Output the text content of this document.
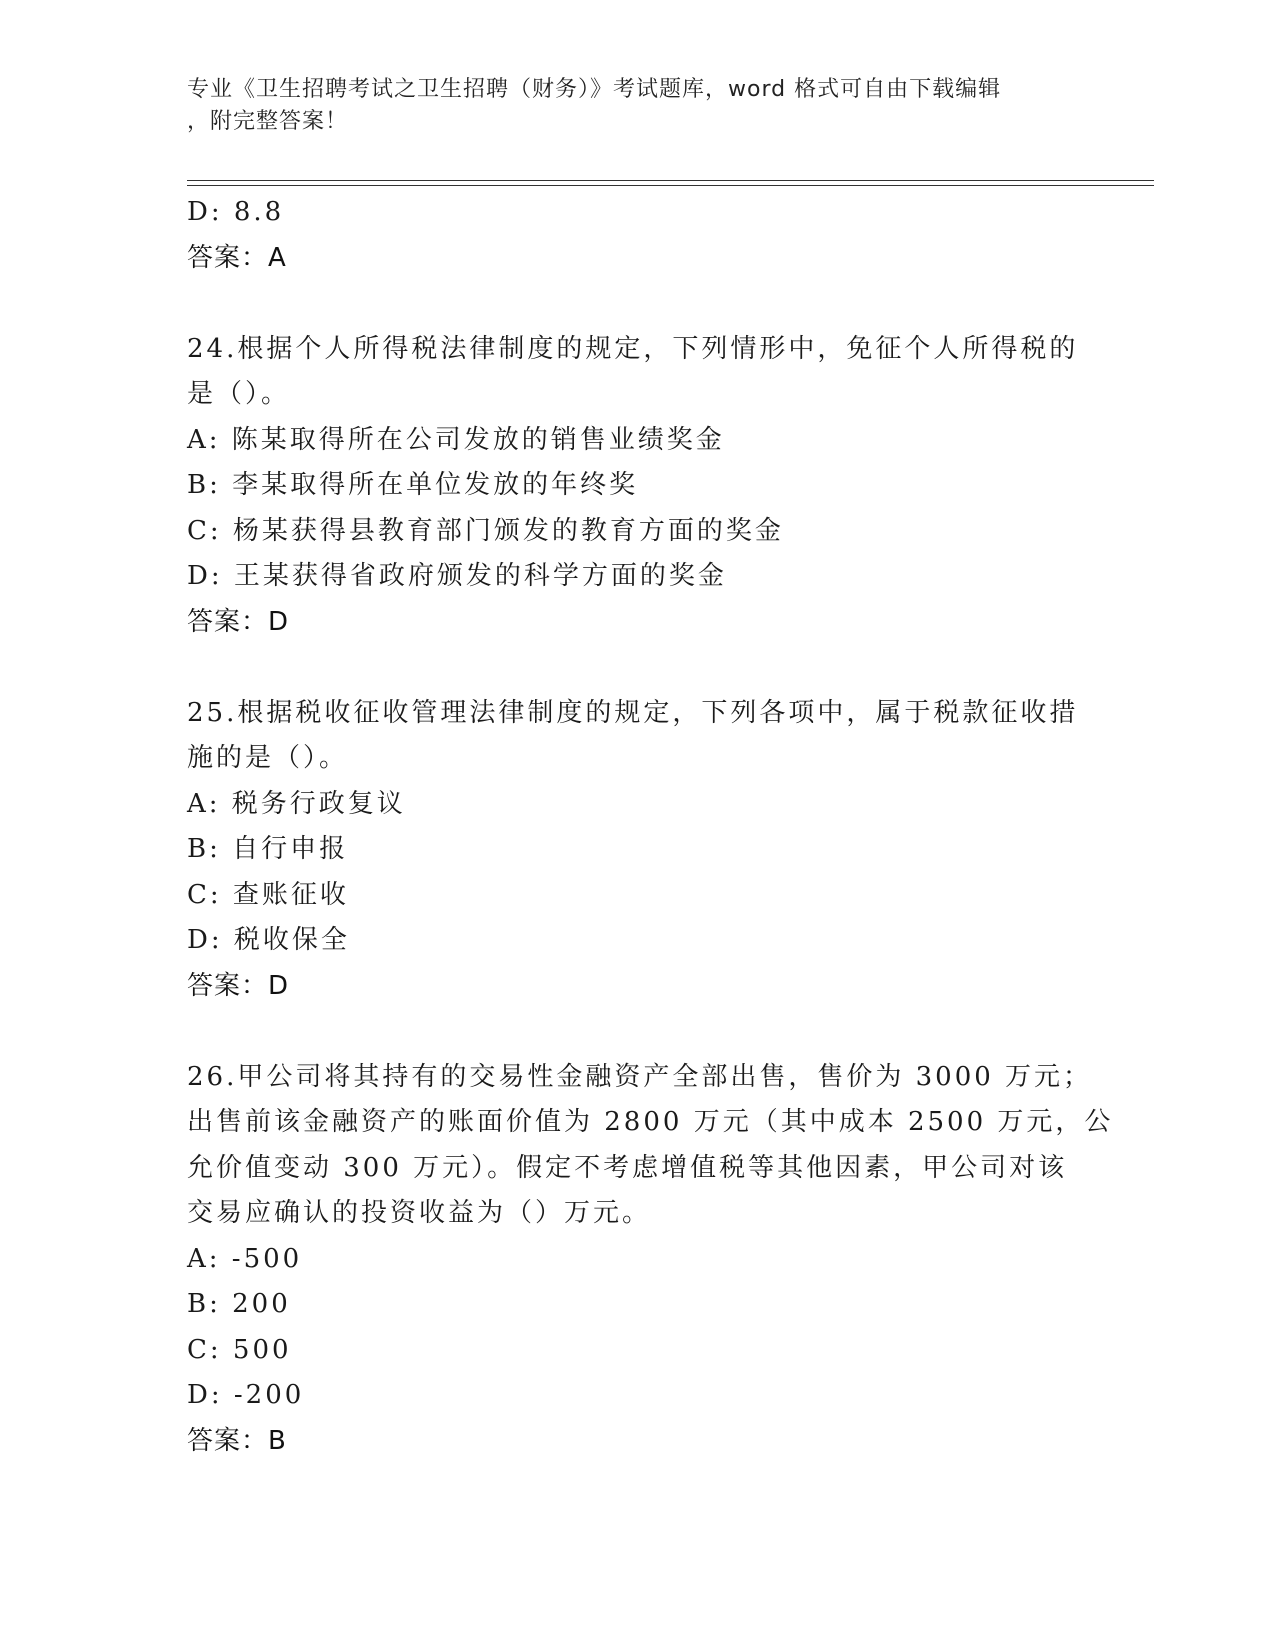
专业《卫生招聘考试之卫生招聘（财务）》考试题库，word 格式可自由下载编辑
，附完整答案！
D: 8.8
答案：A
24.根据个人所得税法律制度的规定，下列情形中，免征个人所得税的
是（）。
A: 陈某取得所在公司发放的销售业绩奖金
B: 李某取得所在单位发放的年终奖
C: 杨某获得县教育部门颁发的教育方面的奖金
D: 王某获得省政府颁发的科学方面的奖金
答案：D
25.根据税收征收管理法律制度的规定，下列各项中，属于税款征收措
施的是（）。
A: 税务行政复议
B: 自行申报
C: 查账征收
D: 税收保全
答案：D
26.甲公司将其持有的交易性金融资产全部出售，售价为 3000 万元；
出售前该金融资产的账面价值为 2800 万元（其中成本 2500 万元，公
允价值变动 300 万元）。假定不考虑增值税等其他因素，甲公司对该
交易应确认的投资收益为（）万元。
A: -500
B: 200
C: 500
D: -200
答案：B
